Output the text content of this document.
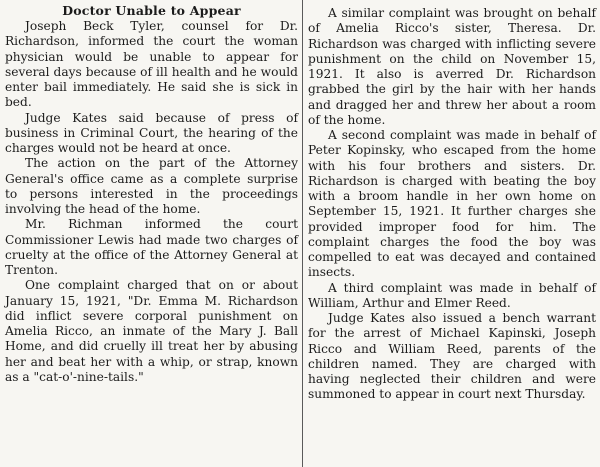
Doctor Unable to Appear

Joseph Beck Tyler, counsel for Dr. Richardson, informed the court the woman physician would be unable to appear for several days because of ill health and he would enter bail immediately. He said she is sick in bed.

Judge Kates said because of press of business in Criminal Court, the hearing of the charges would not be heard at once.

The action on the part of the Attorney General's office came as a complete surprise to persons interested in the proceedings involving the head of the home.

Mr. Richman informed the court Commissioner Lewis had made two charges of cruelty at the office of the Attorney General at Trenton.

One complaint charged that on or about January 15, 1921, "Dr. Emma M. Richardson did inflict severe corporal punishment on Amelia Ricco, an inmate of the Mary J. Ball Home, and did cruelly ill treat her by abusing her and beat her with a whip, or strap, known as a "cat-o'-nine-tails."

A similar complaint was brought on behalf of Amelia Ricco's sister, Theresa. Dr. Richardson was charged with inflicting severe punishment on the child on November 15, 1921. It also is averred Dr. Richardson grabbed the girl by the hair with her hands and dragged her and threw her about a room of the home.

A second complaint was made in behalf of Peter Kopinsky, who escaped from the home with his four brothers and sisters. Dr. Richardson is charged with beating the boy with a broom handle in her own home on September 15, 1921. It further charges she provided improper food for him. The complaint charges the food the boy was compelled to eat was decayed and contained insects.

A third complaint was made in behalf of William, Arthur and Elmer Reed.

Judge Kates also issued a bench warrant for the arrest of Michael Kapinski, Joseph Ricco and William Reed, parents of the children named. They are charged with having neglected their children and were summoned to appear in court next Thursday.
